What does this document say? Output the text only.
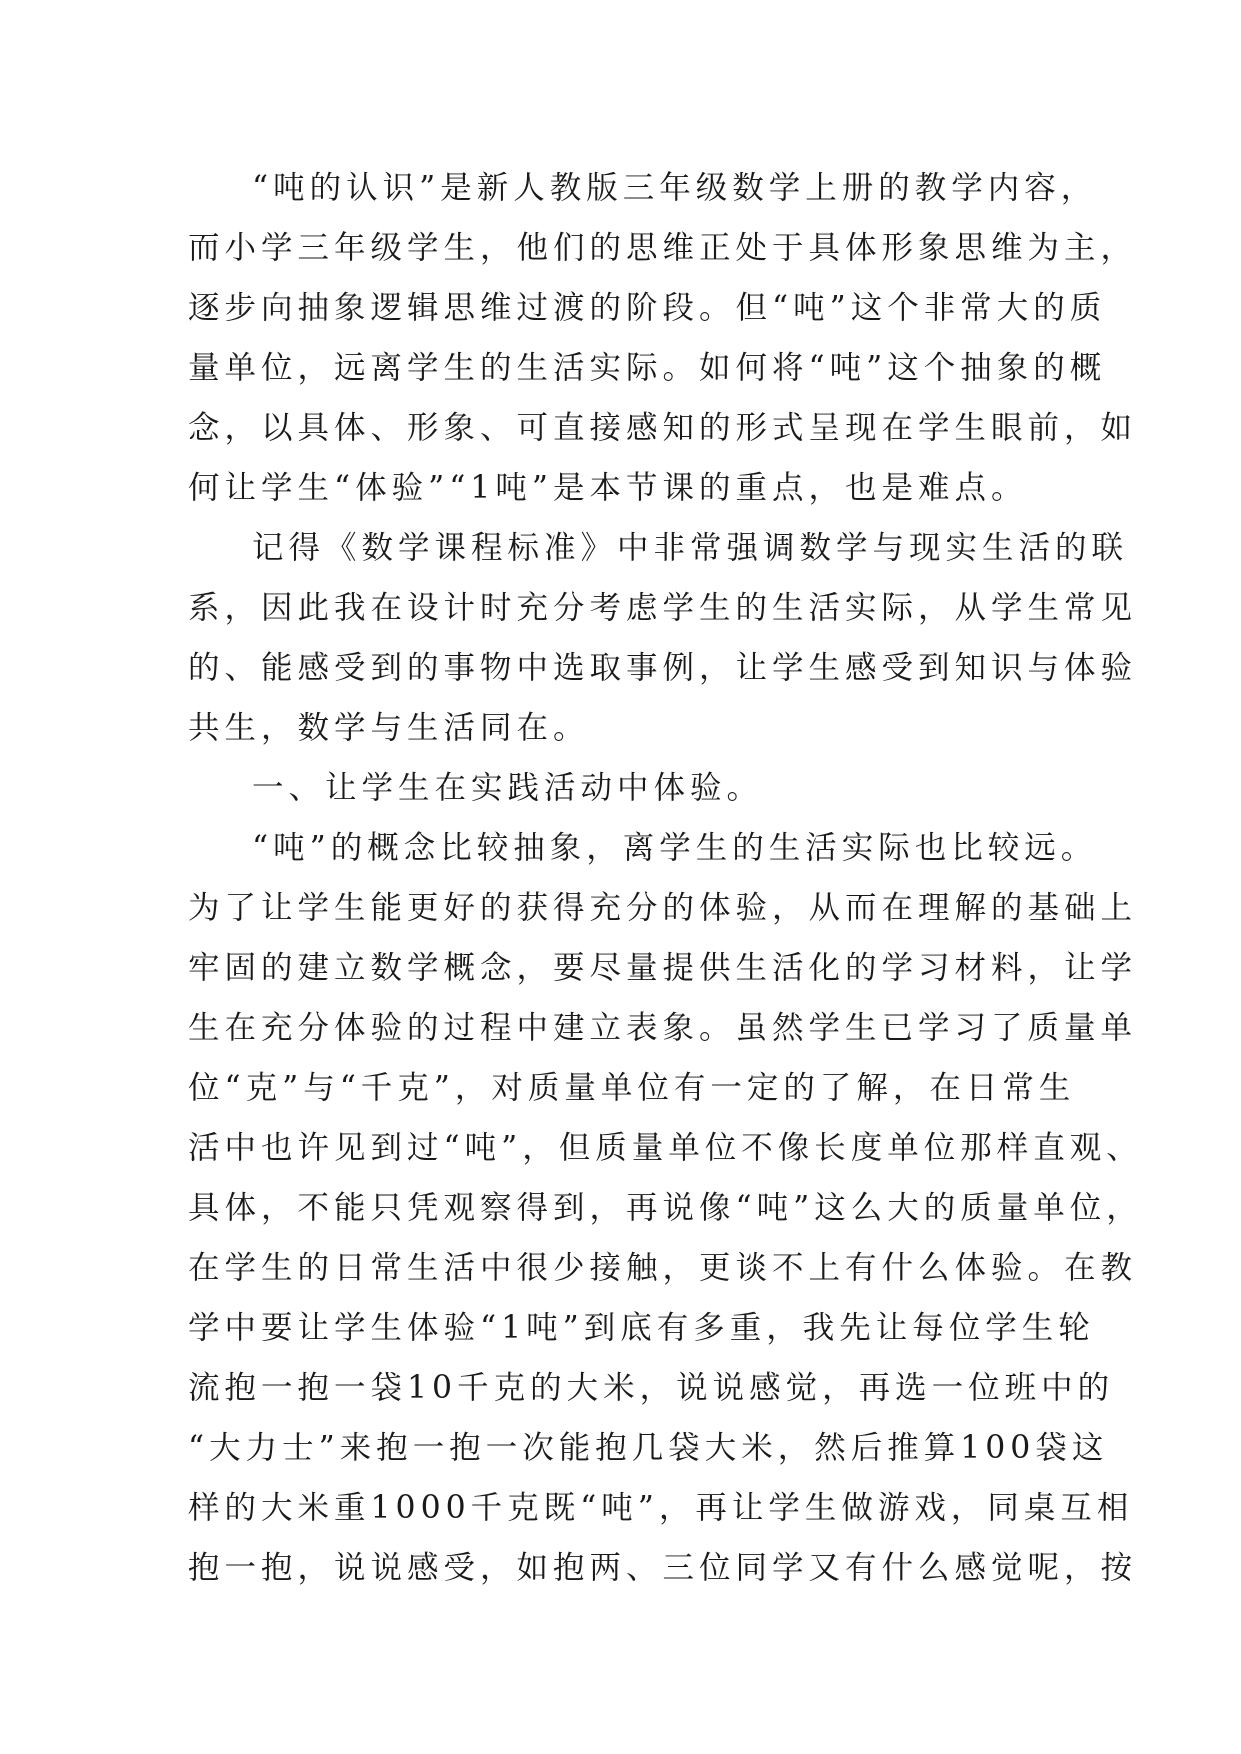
“吨的认识”是新人教版三年级数学上册的教学内容，
而小学三年级学生，他们的思维正处于具体形象思维为主，
逐步向抽象逻辑思维过渡的阶段。但“吨”这个非常大的质
量单位，远离学生的生活实际。如何将“吨”这个抽象的概
念，以具体、形象、可直接感知的形式呈现在学生眼前，如
何让学生“体验”“1吨”是本节课的重点，也是难点。
记得《数学课程标准》中非常强调数学与现实生活的联
系，因此我在设计时充分考虑学生的生活实际，从学生常见
的、能感受到的事物中选取事例，让学生感受到知识与体验
共生，数学与生活同在。
一、让学生在实践活动中体验。
“吨”的概念比较抽象，离学生的生活实际也比较远。
为了让学生能更好的获得充分的体验，从而在理解的基础上
牢固的建立数学概念，要尽量提供生活化的学习材料，让学
生在充分体验的过程中建立表象。虽然学生已学习了质量单
位“克”与“千克”，对质量单位有一定的了解，在日常生
活中也许见到过“吨”，但质量单位不像长度单位那样直观、
具体，不能只凭观察得到，再说像“吨”这么大的质量单位，
在学生的日常生活中很少接触，更谈不上有什么体验。在教
学中要让学生体验“1吨”到底有多重，我先让每位学生轮
流抱一抱一袋10千克的大米，说说感觉，再选一位班中的
“大力士”来抱一抱一次能抱几袋大米，然后推算100袋这
样的大米重1000千克既“吨”，再让学生做游戏，同桌互相
抱一抱，说说感受，如抱两、三位同学又有什么感觉呢，按
